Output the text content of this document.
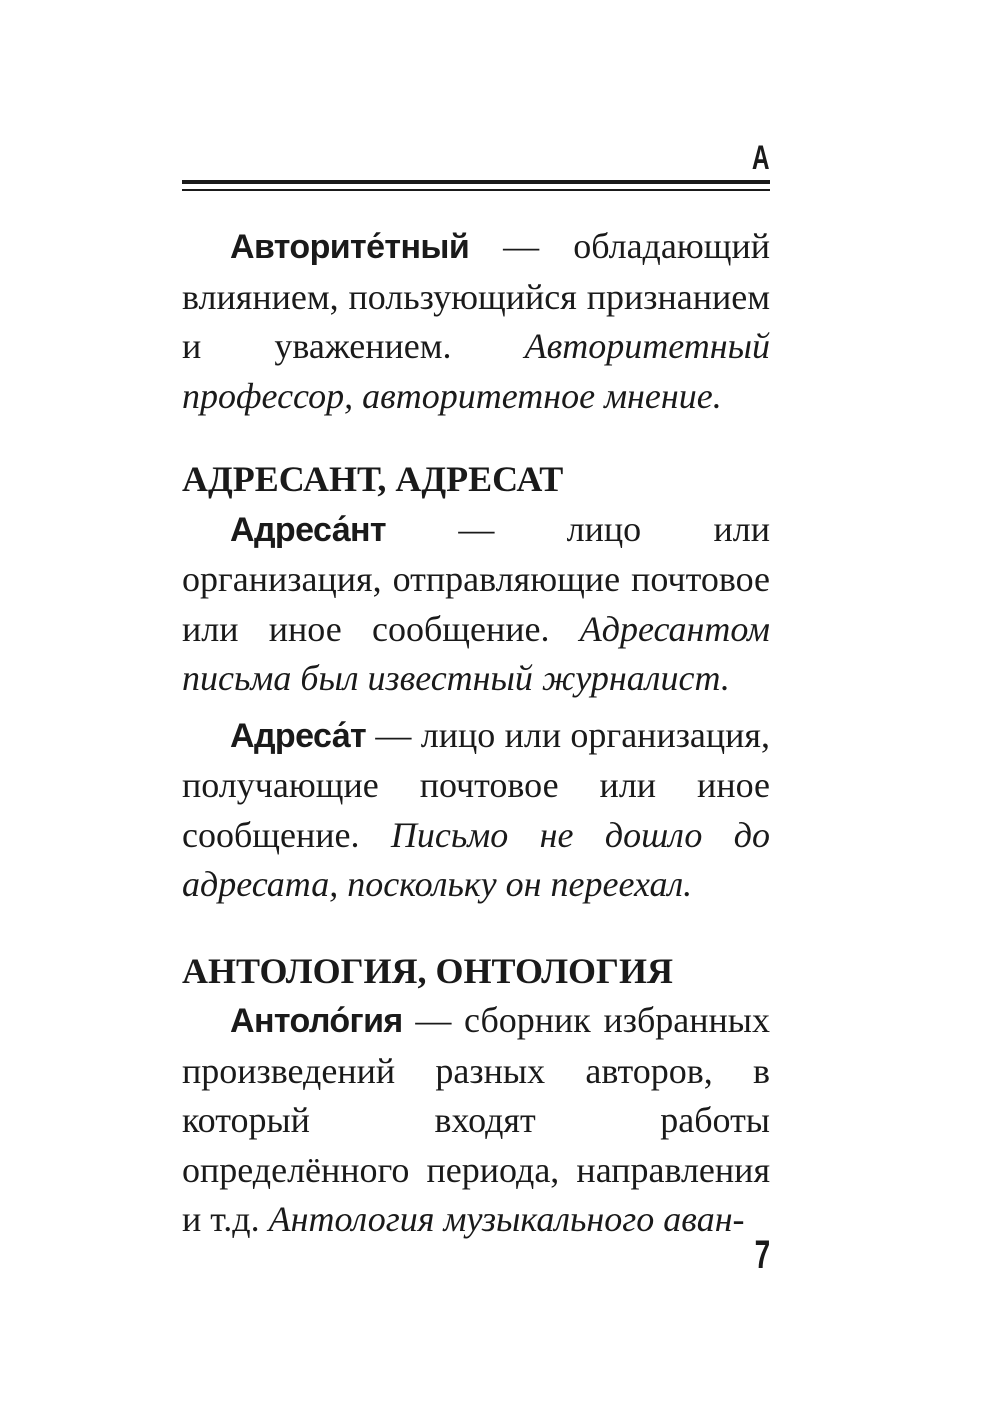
А

Авторите́тный — обладающий влиянием, пользующийся признанием и уважением. Авторитетный профессор, авторитетное мнение.

АДРЕСАНТ, АДРЕСАТ

Адреса́нт — лицо или организация, отправляющие почтовое или иное сообщение. Адресантом письма был известный журналист.

Адреса́т — лицо или организация, получающие почтовое или иное сообщение. Письмо не дошло до адресата, поскольку он переехал.

АНТОЛОГИЯ, ОНТОЛОГИЯ

Антоло́гия — сборник избранных произведений разных авторов, в который входят работы определённого периода, направления и т.д. Антология музыкального аван-

7
